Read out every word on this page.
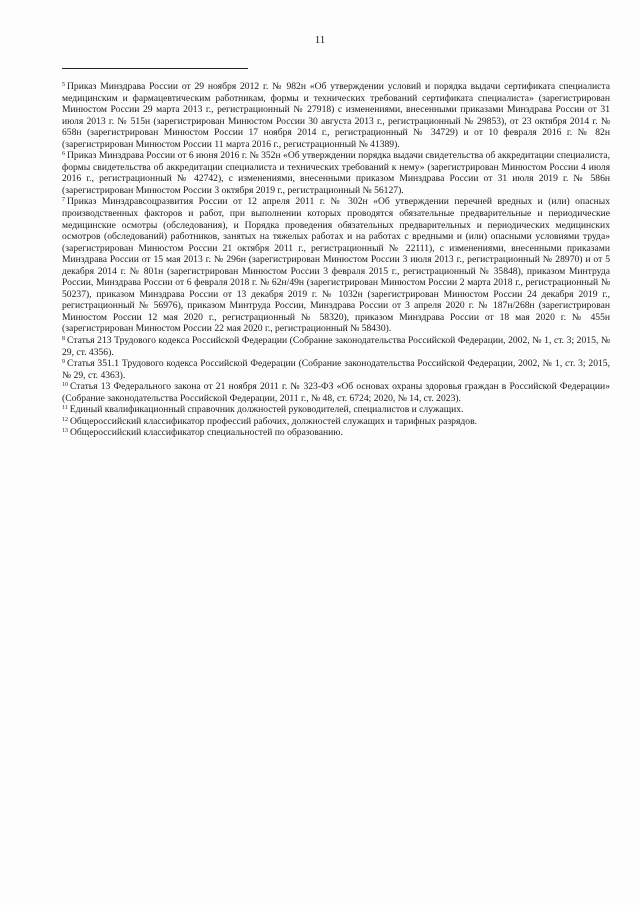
11

$^5$ Приказ Минздрава России от 29 ноября 2012 г. № 982н «Об утверждении условий и порядка выдачи сертификата специалиста медицинским и фармацевтическим работникам, формы и технических требований сертификата специалиста» (зарегистрирован Минюстом России 29 марта 2013 г., регистрационный № 27918) с изменениями, внесенными приказами Минздрава России от 31 июля 2013 г. № 515н (зарегистрирован Минюстом России 30 августа 2013 г., регистрационный № 29853), от 23 октября 2014 г. № 658н (зарегистрирован Минюстом России 17 ноября 2014 г., регистрационный № 34729) и от 10 февраля 2016 г. № 82н (зарегистрирован Минюстом России 11 марта 2016 г., регистрационный № 41389).

$^6$ Приказ Минздрава России от 6 июня 2016 г. № 352н «Об утверждении порядка выдачи свидетельства об аккредитации специалиста, формы свидетельства об аккредитации специалиста и технических требований к нему» (зарегистрирован Минюстом России 4 июля 2016 г., регистрационный № 42742), с изменениями, внесенными приказом Минздрава России от 31 июля 2019 г. № 586н (зарегистрирован Минюстом России 3 октября 2019 г., регистрационный № 56127).

$^7$ Приказ Минздравсоцразвития России от 12 апреля 2011 г. № 302н «Об утверждении перечней вредных и (или) опасных производственных факторов и работ, при выполнении которых проводятся обязательные предварительные и периодические медицинские осмотры (обследования), и Порядка проведения обязательных предварительных и периодических медицинских осмотров (обследований) работников, занятых на тяжелых работах и на работах с вредными и (или) опасными условиями труда» (зарегистрирован Минюстом России 21 октября 2011 г., регистрационный № 22111), с изменениями, внесенными приказами Минздрава России от 15 мая 2013 г. № 296н (зарегистрирован Минюстом России 3 июля 2013 г., регистрационный № 28970) и от 5 декабря 2014 г. № 801н (зарегистрирован Минюстом России 3 февраля 2015 г., регистрационный № 35848), приказом Минтруда России, Минздрава России от 6 февраля 2018 г. № 62н/49н (зарегистрирован Минюстом России 2 марта 2018 г., регистрационный № 50237), приказом Минздрава России от 13 декабря 2019 г. № 1032н (зарегистрирован Минюстом России 24 декабря 2019 г., регистрационный № 56976), приказом Минтруда России, Минздрава России от 3 апреля 2020 г. № 187н/268н (зарегистрирован Минюстом России 12 мая 2020 г., регистрационный № 58320), приказом Минздрава России от 18 мая 2020 г. № 455н (зарегистрирован Минюстом России 22 мая 2020 г., регистрационный № 58430).

$^8$ Статья 213 Трудового кодекса Российской Федерации (Собрание законодательства Российской Федерации, 2002, № 1, ст. 3; 2015, № 29, ст. 4356).

$^9$ Статья 351.1 Трудового кодекса Российской Федерации (Собрание законодательства Российской Федерации, 2002, № 1, ст. 3; 2015, № 29, ст. 4363).

$^{10}$ Статья 13 Федерального закона от 21 ноября 2011 г. № 323-ФЗ «Об основах охраны здоровья граждан в Российской Федерации» (Собрание законодательства Российской Федерации, 2011 г., № 48, ст. 6724; 2020, № 14, ст. 2023).

$^{11}$ Единый квалификационный справочник должностей руководителей, специалистов и служащих.

$^{12}$ Общероссийский классификатор профессий рабочих, должностей служащих и тарифных разрядов.

$^{13}$ Общероссийский классификатор специальностей по образованию.
